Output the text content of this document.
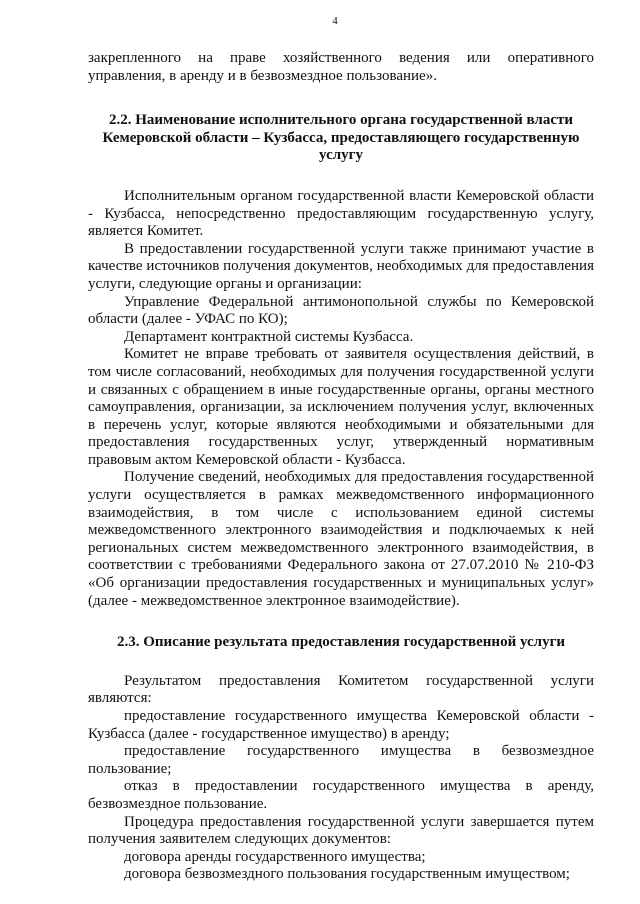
4

закрепленного на праве хозяйственного ведения или оперативного управления, в аренду и в безвозмездное пользование».

2.2. Наименование исполнительного органа государственной власти Кемеровской области – Кузбасса, предоставляющего государственную услугу

Исполнительным органом государственной власти Кемеровской области - Кузбасса, непосредственно предоставляющим государственную услугу, является Комитет.

В предоставлении государственной услуги также принимают участие в качестве источников получения документов, необходимых для предоставления услуги, следующие органы и организации:

Управление Федеральной антимонопольной службы по Кемеровской области (далее - УФАС по КО);

Департамент контрактной системы Кузбасса.

Комитет не вправе требовать от заявителя осуществления действий, в том числе согласований, необходимых для получения государственной услуги и связанных с обращением в иные государственные органы, органы местного самоуправления, организации, за исключением получения услуг, включенных в перечень услуг, которые являются необходимыми и обязательными для предоставления государственных услуг, утвержденный нормативным правовым актом Кемеровской области - Кузбасса.

Получение сведений, необходимых для предоставления государственной услуги осуществляется в рамках межведомственного информационного взаимодействия, в том числе с использованием единой системы межведомственного электронного взаимодействия и подключаемых к ней региональных систем межведомственного электронного взаимодействия, в соответствии с требованиями Федерального закона от 27.07.2010 № 210-ФЗ «Об организации предоставления государственных и муниципальных услуг» (далее - межведомственное электронное взаимодействие).

2.3. Описание результата предоставления государственной услуги

Результатом предоставления Комитетом государственной услуги являются:

предоставление государственного имущества Кемеровской области - Кузбасса (далее - государственное имущество) в аренду;

предоставление государственного имущества в безвозмездное пользование;

отказ в предоставлении государственного имущества в аренду, безвозмездное пользование.

Процедура предоставления государственной услуги завершается путем получения заявителем следующих документов:

договора аренды государственного имущества;

договора безвозмездного пользования государственным имуществом;
